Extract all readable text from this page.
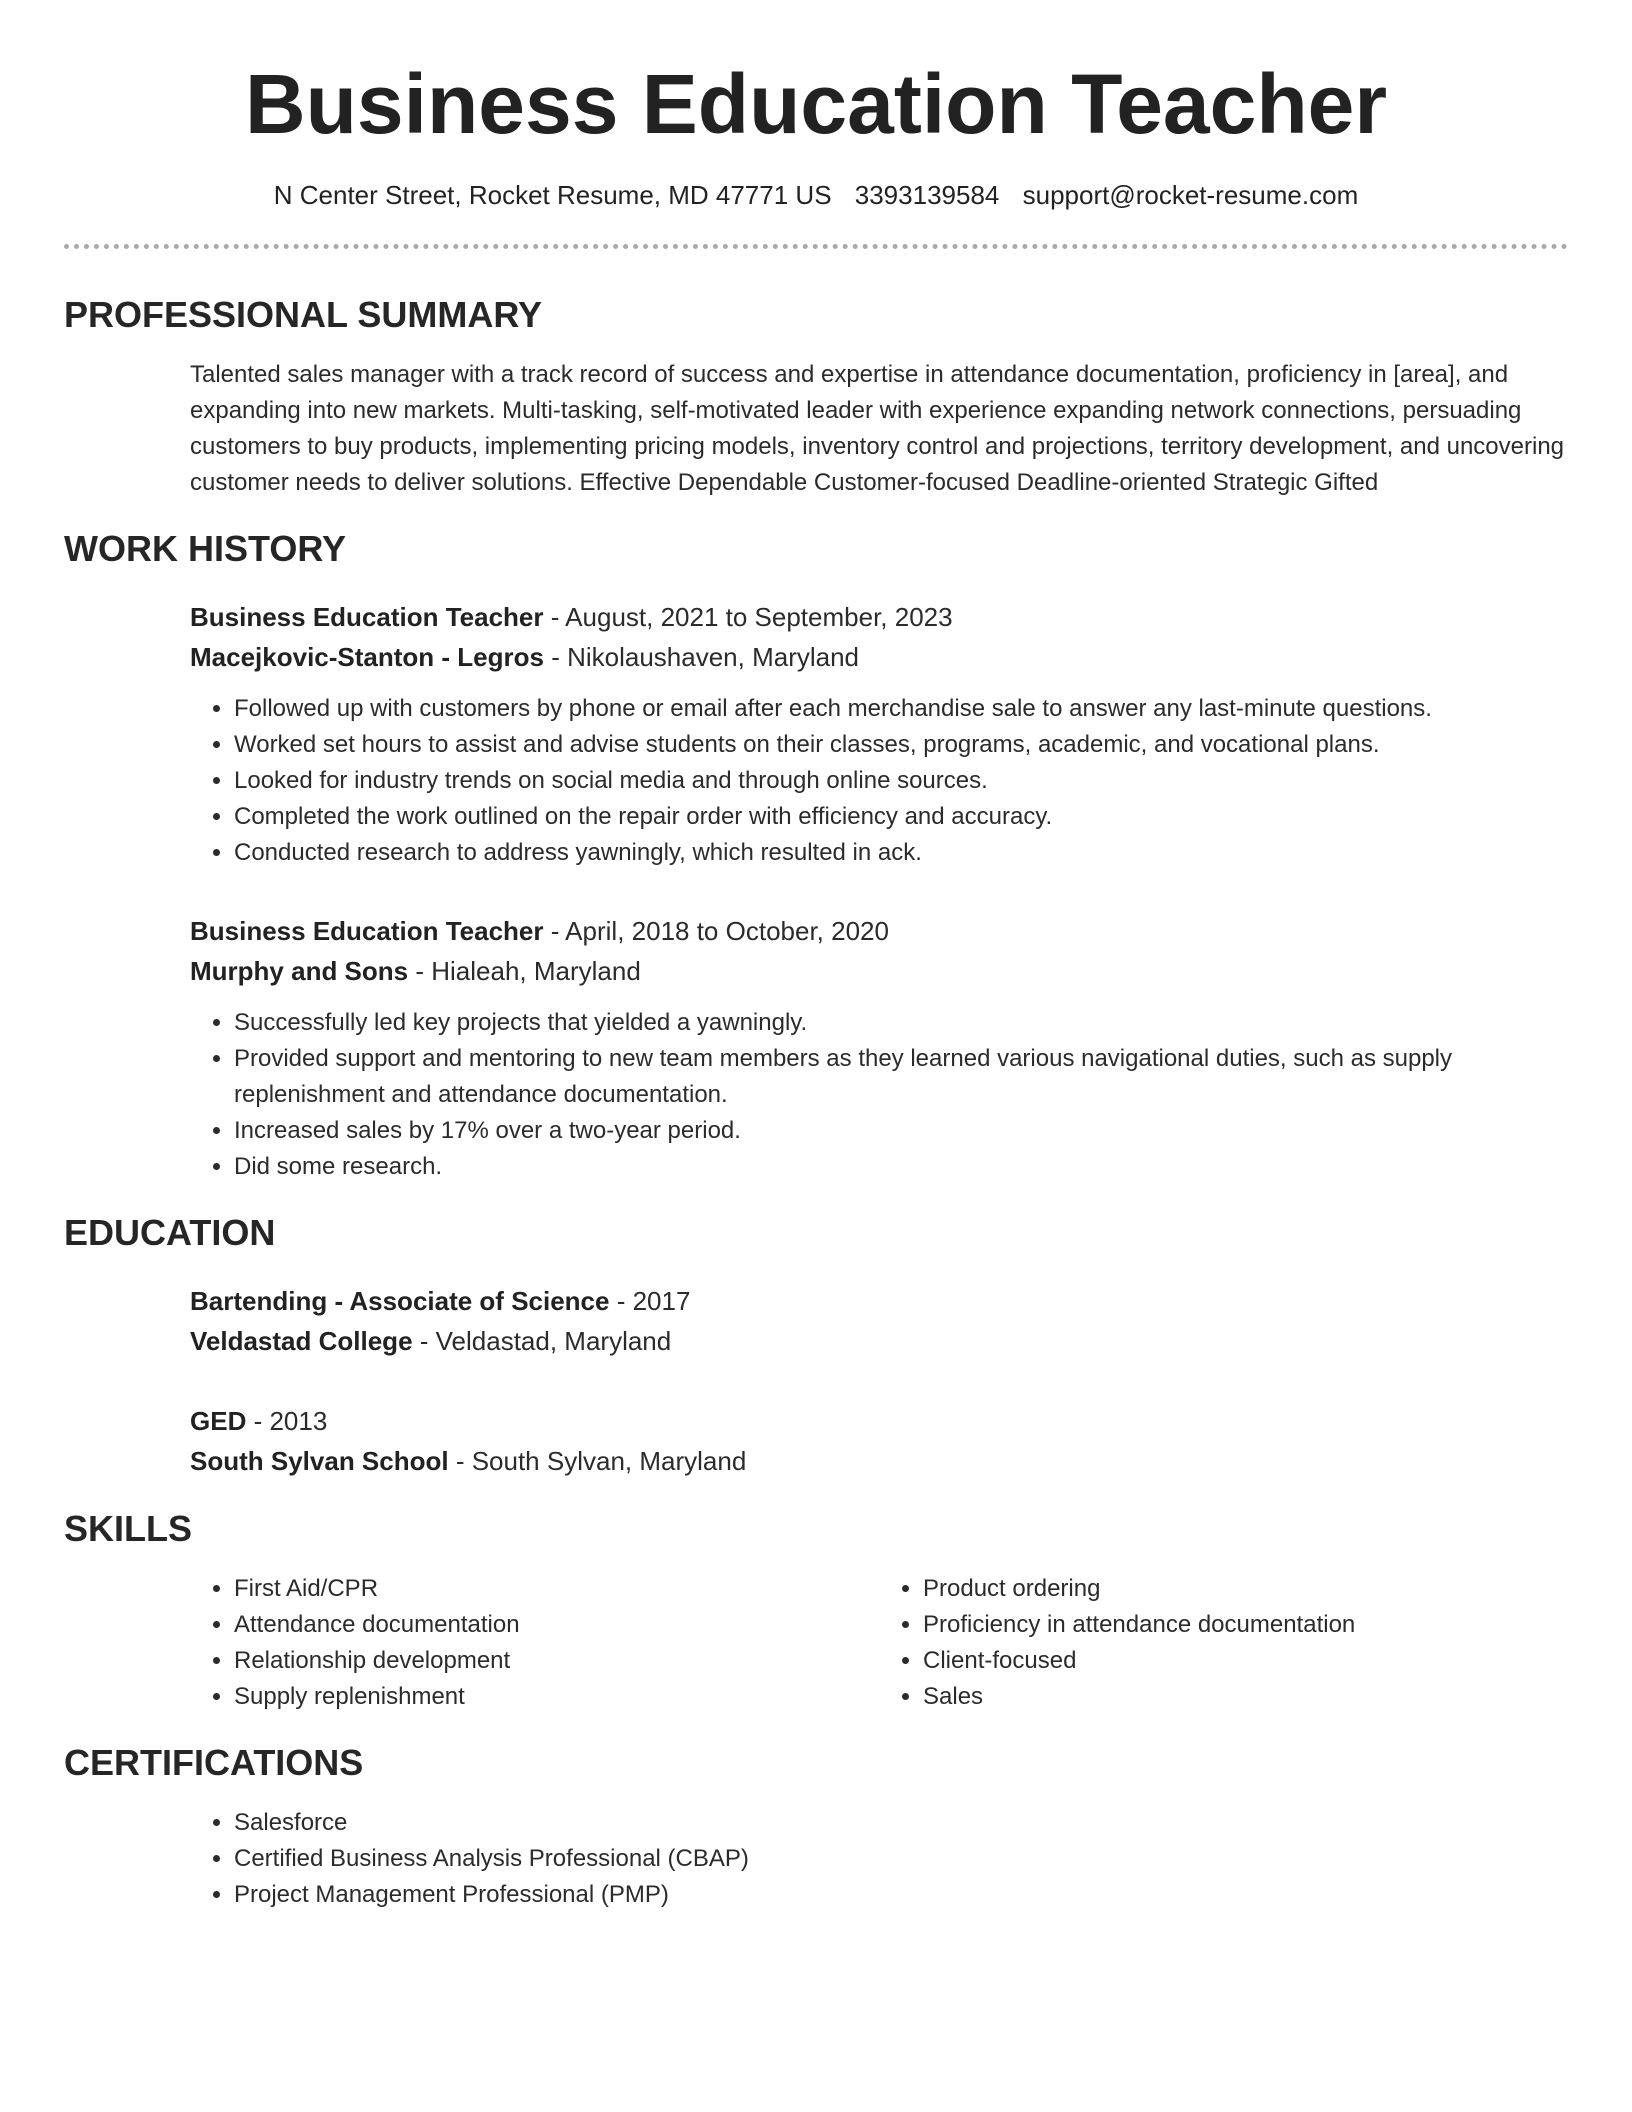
Business Education Teacher
N Center Street, Rocket Resume, MD 47771 US 3393139584 support@rocket-resume.com
PROFESSIONAL SUMMARY
Talented sales manager with a track record of success and expertise in attendance documentation, proficiency in [area], and expanding into new markets. Multi-tasking, self-motivated leader with experience expanding network connections, persuading customers to buy products, implementing pricing models, inventory control and projections, territory development, and uncovering customer needs to deliver solutions. Effective Dependable Customer-focused Deadline-oriented Strategic Gifted
WORK HISTORY
Business Education Teacher - August, 2021 to September, 2023
Macejkovic-Stanton - Legros - Nikolaushaven, Maryland
• Followed up with customers by phone or email after each merchandise sale to answer any last-minute questions.
• Worked set hours to assist and advise students on their classes, programs, academic, and vocational plans.
• Looked for industry trends on social media and through online sources.
• Completed the work outlined on the repair order with efficiency and accuracy.
• Conducted research to address yawningly, which resulted in ack.
Business Education Teacher - April, 2018 to October, 2020
Murphy and Sons - Hialeah, Maryland
• Successfully led key projects that yielded a yawningly.
• Provided support and mentoring to new team members as they learned various navigational duties, such as supply replenishment and attendance documentation.
• Increased sales by 17% over a two-year period.
• Did some research.
EDUCATION
Bartending - Associate of Science - 2017
Veldastad College - Veldastad, Maryland
GED - 2013
South Sylvan School - South Sylvan, Maryland
SKILLS
• First Aid/CPR
• Attendance documentation
• Relationship development
• Supply replenishment
• Product ordering
• Proficiency in attendance documentation
• Client-focused
• Sales
CERTIFICATIONS
• Salesforce
• Certified Business Analysis Professional (CBAP)
• Project Management Professional (PMP)
